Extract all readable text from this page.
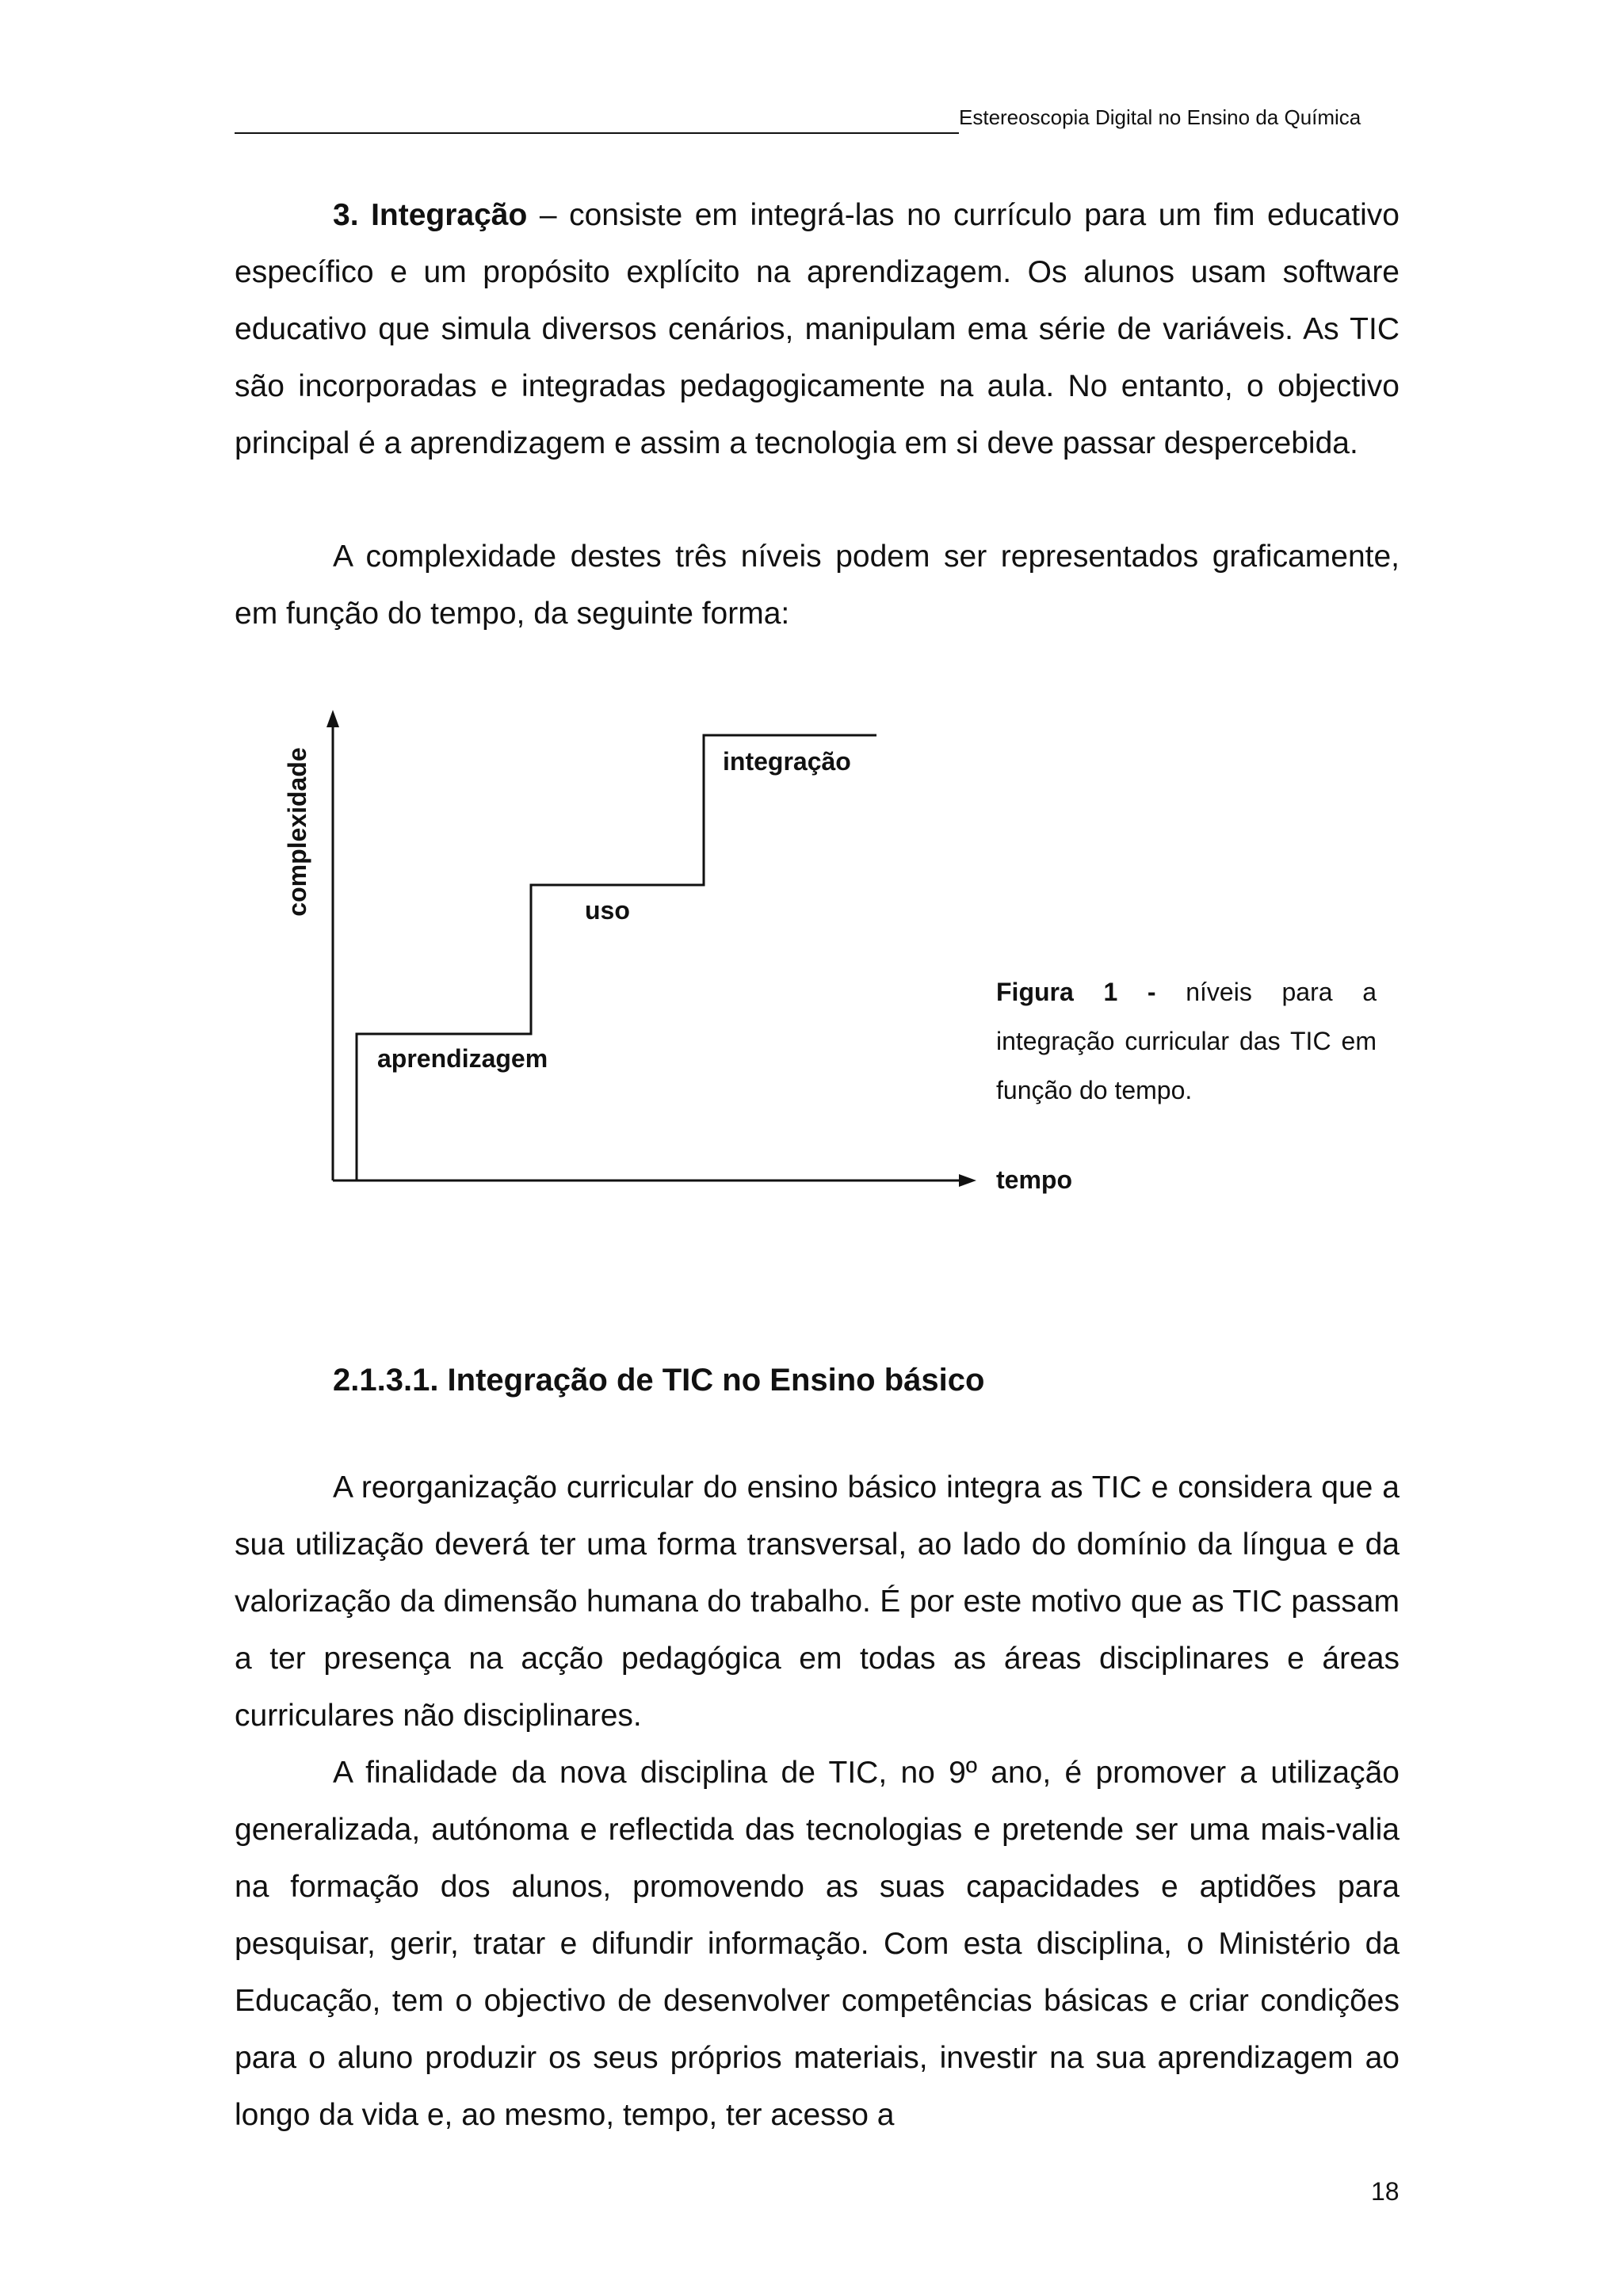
Estereoscopia Digital no Ensino da Química

3. Integração – consiste em integrá-las no currículo para um fim educativo específico e um propósito explícito na aprendizagem. Os alunos usam software educativo que simula diversos cenários, manipulam ema série de variáveis. As TIC são incorporadas e integradas pedagogicamente na aula. No entanto, o objectivo principal é a aprendizagem e assim a tecnologia em si deve passar despercebida.

A complexidade destes três níveis podem ser representados graficamente, em função do tempo, da seguinte forma:

complexidade
tempo
aprendizagem
uso
integração

Figura 1 - níveis para a integração curricular das TIC em função do tempo.

2.1.3.1. Integração de TIC no Ensino básico

A reorganização curricular do ensino básico integra as TIC e considera que a sua utilização deverá ter uma forma transversal, ao lado do domínio da língua e da valorização da dimensão humana do trabalho. É por este motivo que as TIC passam a ter presença na acção pedagógica em todas as áreas disciplinares e áreas curriculares não disciplinares.

A finalidade da nova disciplina de TIC, no 9º ano, é promover a utilização generalizada, autónoma e reflectida das tecnologias e pretende ser uma mais-valia na formação dos alunos, promovendo as suas capacidades e aptidões para pesquisar, gerir, tratar e difundir informação. Com esta disciplina, o Ministério da Educação, tem o objectivo de desenvolver competências básicas e criar condições para o aluno produzir os seus próprios materiais, investir na sua aprendizagem ao longo da vida e, ao mesmo, tempo, ter acesso a

18
